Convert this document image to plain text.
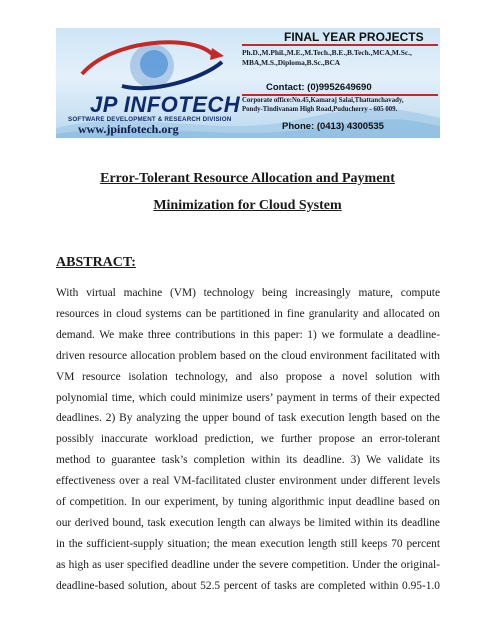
JP INFOTECH
SOFTWARE DEVELOPMENT & RESEARCH DIVISION
www.jpinfotech.org
FINAL YEAR PROJECTS
Ph.D.,M.Phil.,M.E.,M.Tech.,B.E.,B.Tech.,MCA,M.Sc.,
MBA,M.S.,Diploma,B.Sc.,BCA
Contact: (0)9952649690
Corporate office:No.45,Kamaraj Salai,Thattanchavady,
Pondy-Tindivanam High Road,Puducherry - 605 009.
Phone: (0413) 4300535
Error-Tolerant Resource Allocation and Payment
Minimization for Cloud System
ABSTRACT:
With virtual machine (VM) technology being increasingly mature, compute
resources in cloud systems can be partitioned in fine granularity and allocated on
demand. We make three contributions in this paper: 1) we formulate a deadline-
driven resource allocation problem based on the cloud environment facilitated with
VM resource isolation technology, and also propose a novel solution with
polynomial time, which could minimize users’ payment in terms of their expected
deadlines. 2) By analyzing the upper bound of task execution length based on the
possibly inaccurate workload prediction, we further propose an error-tolerant
method to guarantee task’s completion within its deadline. 3) We validate its
effectiveness over a real VM-facilitated cluster environment under different levels
of competition. In our experiment, by tuning algorithmic input deadline based on
our derived bound, task execution length can always be limited within its deadline
in the sufficient-supply situation; the mean execution length still keeps 70 percent
as high as user specified deadline under the severe competition. Under the original-
deadline-based solution, about 52.5 percent of tasks are completed within 0.95-1.0
